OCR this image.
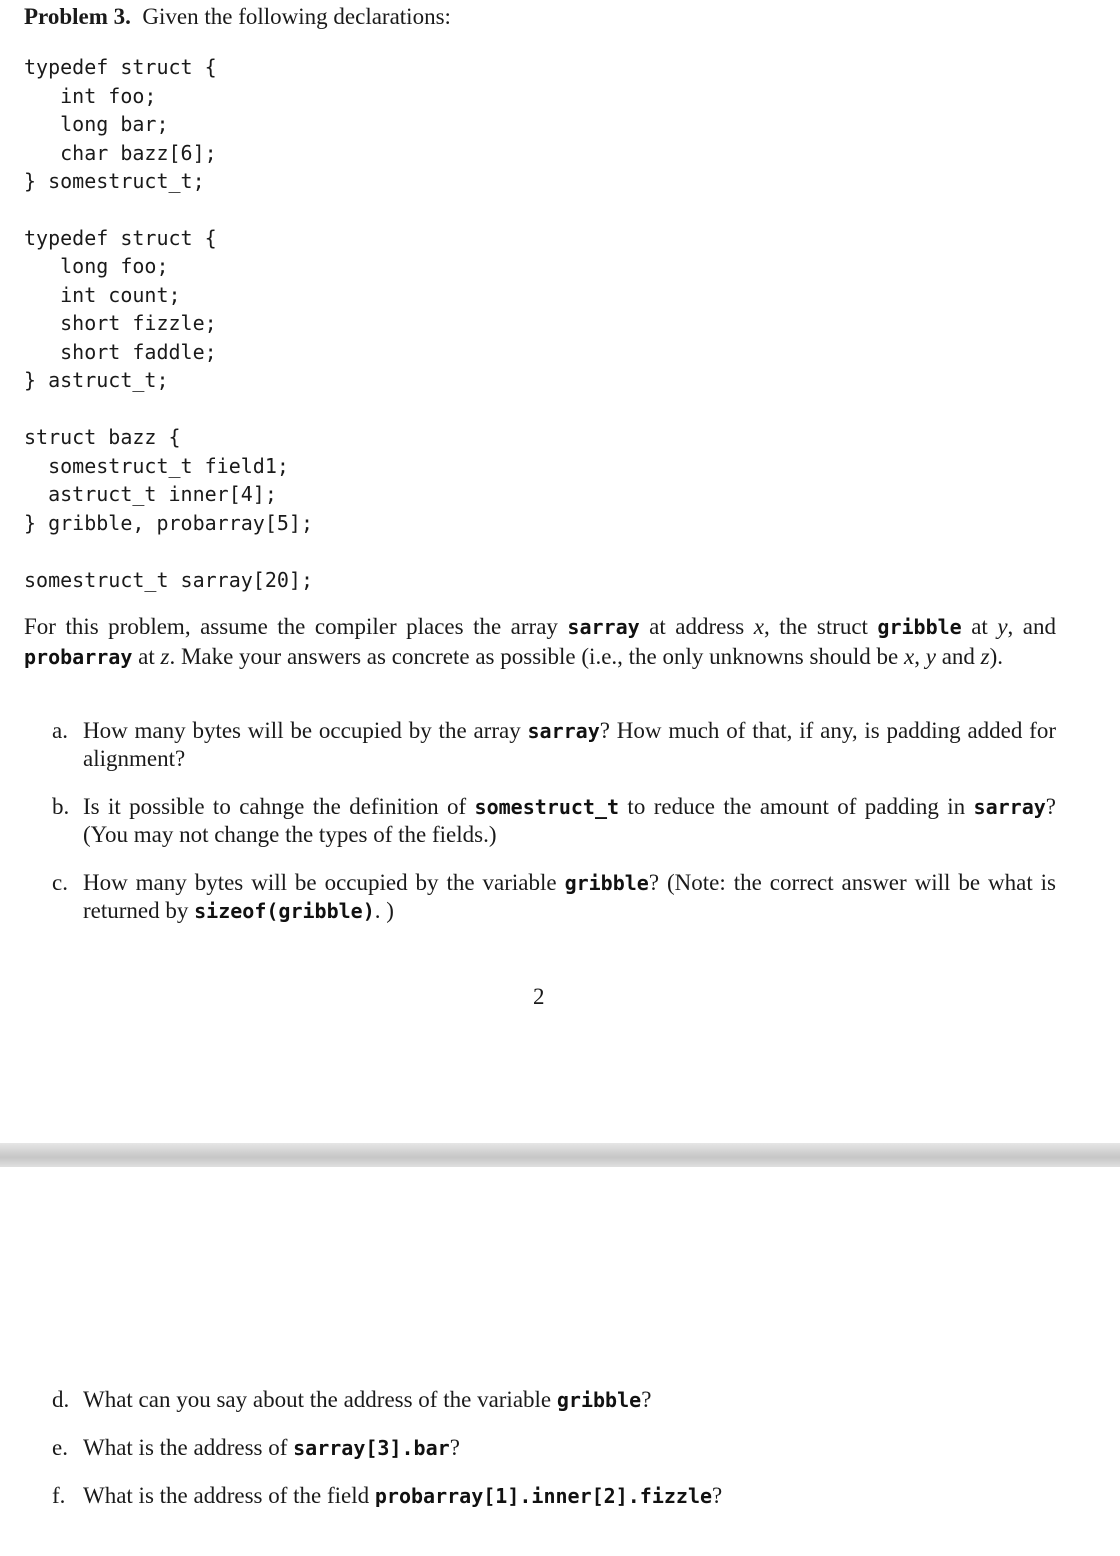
Problem 3. Given the following declarations:
typedef struct {
int foo;
long bar;
char bazz[6];
} somestruct_t;
typedef struct {
long foo;
int count;
short fizzle;
short faddle;
} astruct_t;
struct bazz {
somestruct_t field1;
astruct_t inner[4];
} gribble, probarray[5];
somestruct_t sarray[20];
For this problem, assume the compiler places the array sarray at address x, the struct gribble at y, and probarray at z. Make your answers as concrete as possible (i.e., the only unknowns should be x, y and z).
a. How many bytes will be occupied by the array sarray? How much of that, if any, is padding added for alignment?
b. Is it possible to cahnge the definition of somestruct_t to reduce the amount of padding in sarray? (You may not change the types of the fields.)
c. How many bytes will be occupied by the variable gribble? (Note: the correct answer will be what is returned by sizeof(gribble). )
2
d. What can you say about the address of the variable gribble?
e. What is the address of sarray[3].bar?
f. What is the address of the field probarray[1].inner[2].fizzle?
